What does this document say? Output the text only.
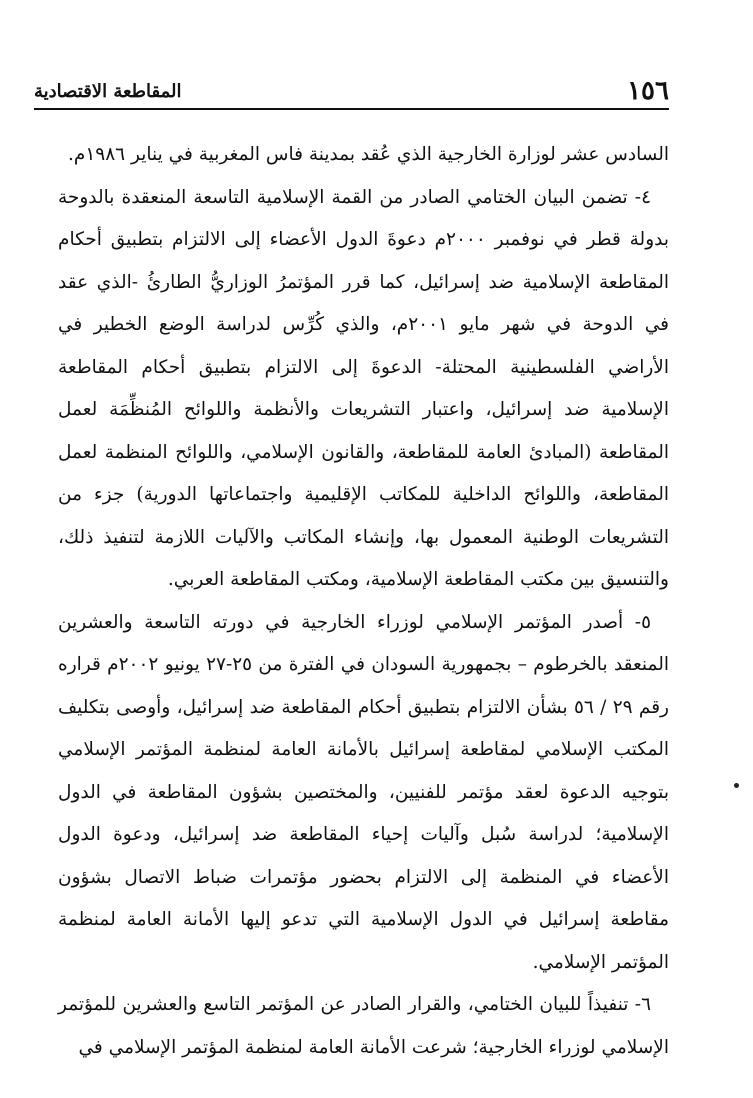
١٥٦
المقاطعة الاقتصادية

السادس عشر لوزارة الخارجية الذي عُقد بمدينة فاس المغربية في يناير ١٩٨٦م.

٤- تضمن البيان الختامي الصادر من القمة الإسلامية التاسعة المنعقدة بالدوحة بدولة قطر في نوفمبر ٢٠٠٠م دعوةَ الدول الأعضاء إلى الالتزام بتطبيق أحكام المقاطعة الإسلامية ضد إسرائيل، كما قرر المؤتمرُ الوزاريُّ الطارئُ -الذي عقد في الدوحة في شهر مايو ٢٠٠١م، والذي كُرِّس لدراسة الوضع الخطير في الأراضي الفلسطينية المحتلة- الدعوةَ إلى الالتزام بتطبيق أحكام المقاطعة الإسلامية ضد إسرائيل، واعتبار التشريعات والأنظمة واللوائح المُنظِّمَة لعمل المقاطعة (المبادئ العامة للمقاطعة، والقانون الإسلامي، واللوائح المنظمة لعمل المقاطعة، واللوائح الداخلية للمكاتب الإقليمية واجتماعاتها الدورية) جزء من التشريعات الوطنية المعمول بها، وإنشاء المكاتب والآليات اللازمة لتنفيذ ذلك، والتنسيق بين مكتب المقاطعة الإسلامية، ومكتب المقاطعة العربي.

٥- أصدر المؤتمر الإسلامي لوزراء الخارجية في دورته التاسعة والعشرين المنعقد بالخرطوم – بجمهورية السودان في الفترة من ٢٥-٢٧ يونيو ٢٠٠٢م قراره رقم ٢٩ / ٥٦ بشأن الالتزام بتطبيق أحكام المقاطعة ضد إسرائيل، وأوصى بتكليف المكتب الإسلامي لمقاطعة إسرائيل بالأمانة العامة لمنظمة المؤتمر الإسلامي بتوجيه الدعوة لعقد مؤتمر للفنيين، والمختصين بشؤون المقاطعة في الدول الإسلامية؛ لدراسة سُبل وآليات إحياء المقاطعة ضد إسرائيل، ودعوة الدول الأعضاء في المنظمة إلى الالتزام بحضور مؤتمرات ضباط الاتصال بشؤون مقاطعة إسرائيل في الدول الإسلامية التي تدعو إليها الأمانة العامة لمنظمة المؤتمر الإسلامي.

٦- تنفيذاً للبيان الختامي، والقرار الصادر عن المؤتمر التاسع والعشرين للمؤتمر الإسلامي لوزراء الخارجية؛ شرعت الأمانة العامة لمنظمة المؤتمر الإسلامي في
